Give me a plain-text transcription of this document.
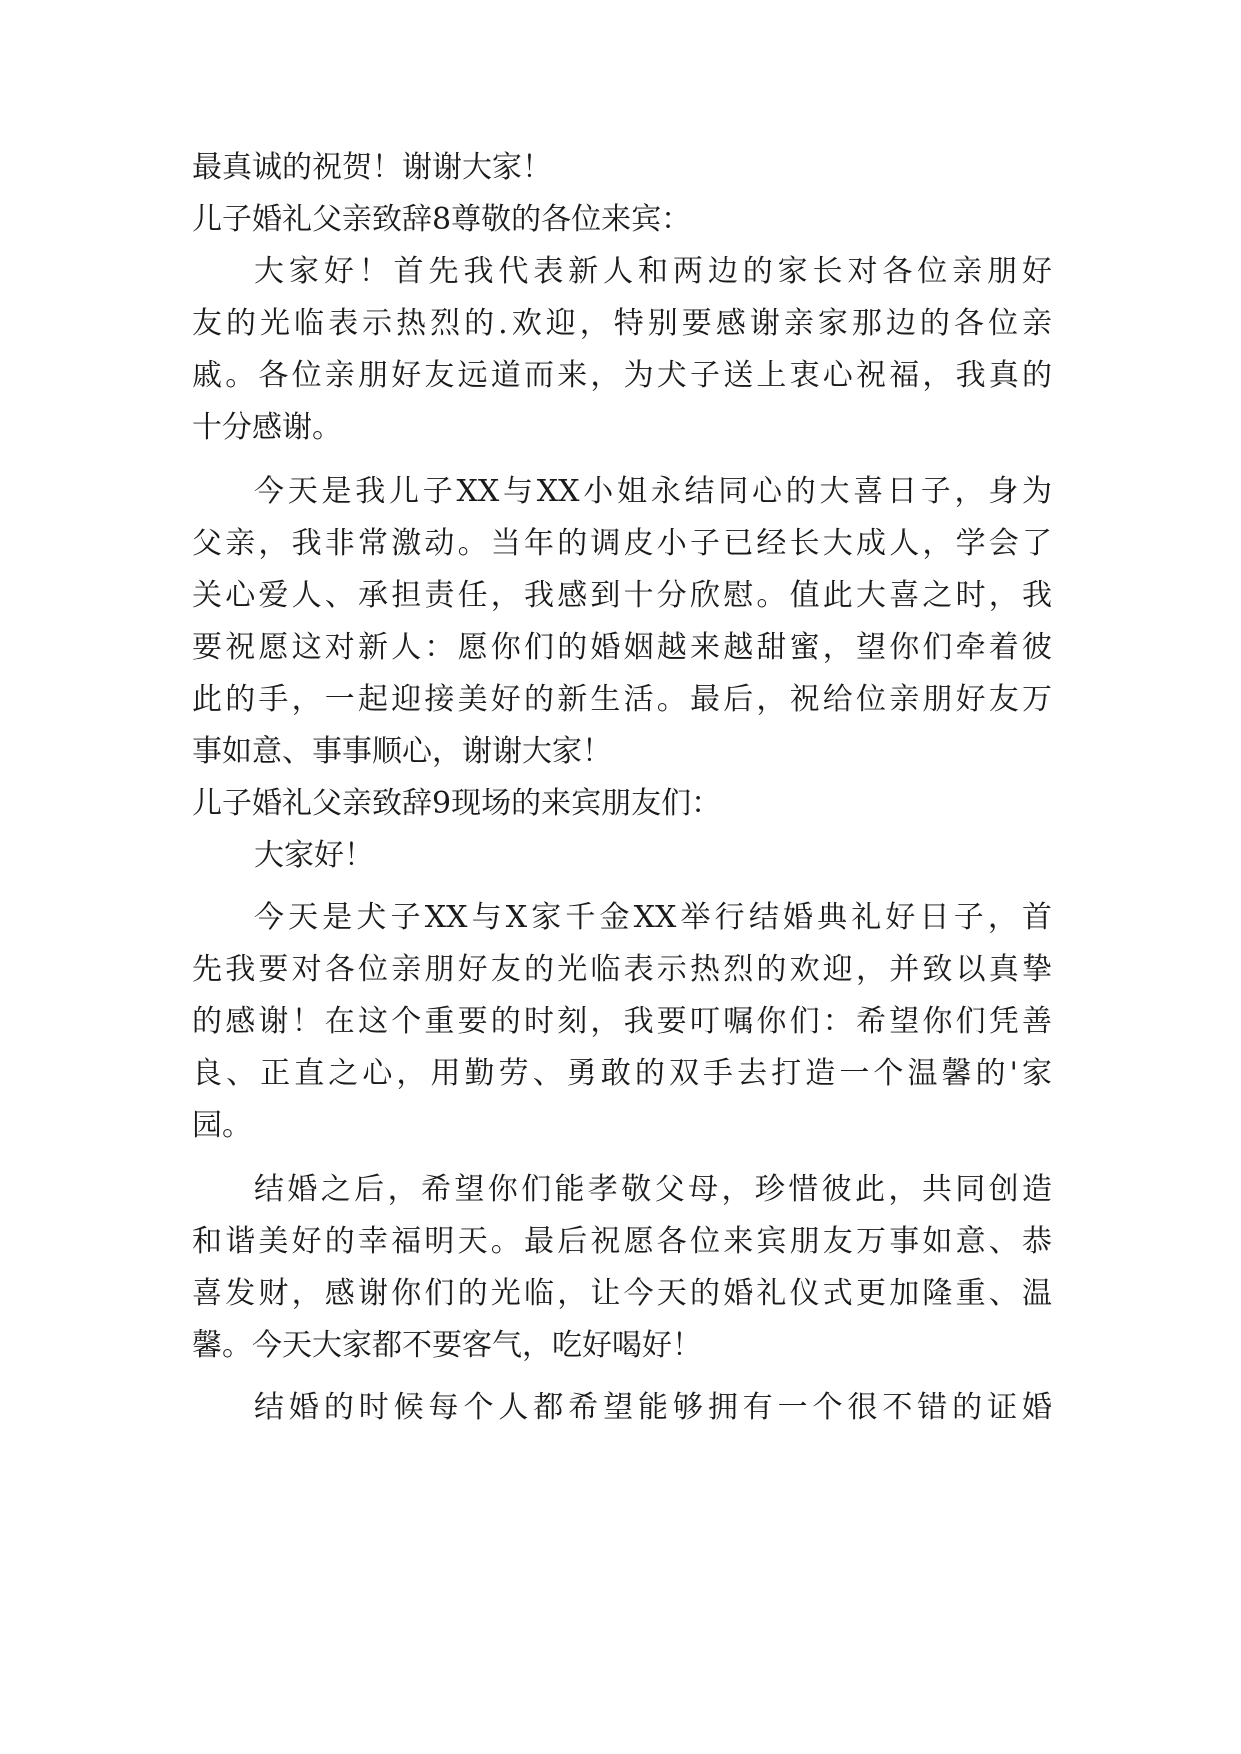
最真诚的祝贺！谢谢大家！
儿子婚礼父亲致辞8尊敬的各位来宾：
大家好！首先我代表新人和两边的家长对各位亲朋好
友的光临表示热烈的.欢迎，特别要感谢亲家那边的各位亲
戚。各位亲朋好友远道而来，为犬子送上衷心祝福，我真的
十分感谢。
今天是我儿子XX与XX小姐永结同心的大喜日子，身为
父亲，我非常激动。当年的调皮小子已经长大成人，学会了
关心爱人、承担责任，我感到十分欣慰。值此大喜之时，我
要祝愿这对新人：愿你们的婚姻越来越甜蜜，望你们牵着彼
此的手，一起迎接美好的新生活。最后，祝给位亲朋好友万
事如意、事事顺心，谢谢大家！
儿子婚礼父亲致辞9现场的来宾朋友们：
大家好！
今天是犬子XX与X家千金XX举行结婚典礼好日子，首
先我要对各位亲朋好友的光临表示热烈的欢迎，并致以真挚
的感谢！在这个重要的时刻，我要叮嘱你们：希望你们凭善
良、正直之心，用勤劳、勇敢的双手去打造一个温馨的'家
园。
结婚之后，希望你们能孝敬父母，珍惜彼此，共同创造
和谐美好的幸福明天。最后祝愿各位来宾朋友万事如意、恭
喜发财，感谢你们的光临，让今天的婚礼仪式更加隆重、温
馨。今天大家都不要客气，吃好喝好！
结婚的时候每个人都希望能够拥有一个很不错的证婚
